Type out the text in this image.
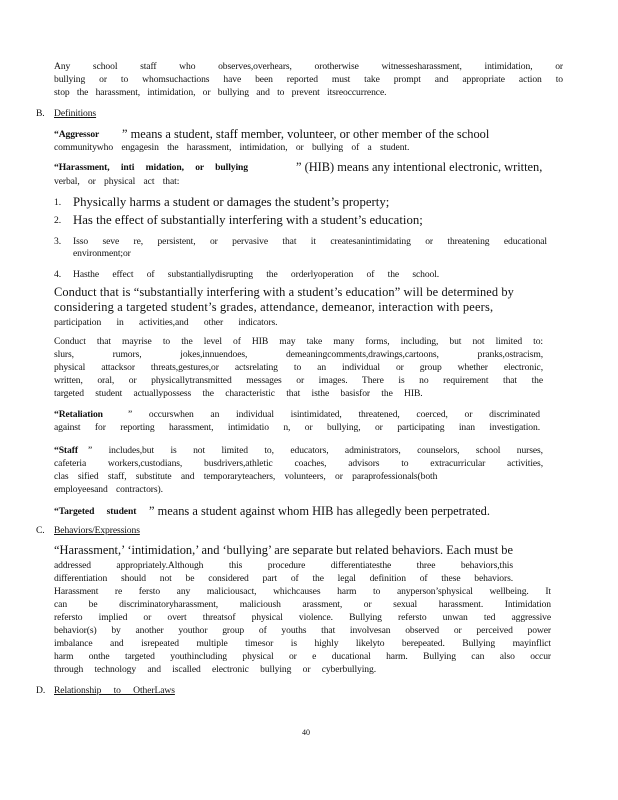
Any school staff who observes,overhears, orotherwise witnessesharassment, intimidation, or
bullying or to whomsuchactions have been reported must take prompt and appropriate action to
stop the harassment, intimidation, or bullying and to prevent itsreoccurrence.
B. Definitions
“Aggressor ” means a student, staff member, volunteer, or other member of the school
communitywho engagesin the harassment, intimidation, or bullying of a student.
“Harassment, inti midation, or bullying	” (HIB) means any intentional electronic, written,
verbal, or physical act that:
1. Physically harms a student or damages the student’s property;
2. Has the effect of substantially interfering with a student’s education;
3. Isso seve re, persistent, or pervasive that it createsanintimidating or threatening educational
environment;or
4. Hasthe effect of substantiallydisrupting the orderlyoperation of the school.
Conduct that is “substantially interfering with a student’s education” will be determined by
considering a targeted student’s grades, attendance, demeanor, interaction with peers,
participation in activities,and other indicators.
Conduct that mayrise to the level of HIB may take many forms, including, but not limited to:
slurs, rumors, jokes,innuendoes, demeaningcomments,drawings,cartoons, pranks,ostracism,
physical attacksor threats,gestures,or actsrelating to an individual or group whether electronic,
written, oral, or physicallytransmitted messages or images. There is no requirement that the
targeted student actuallypossess the characteristic that isthe basisfor the HIB.
“Retaliation	” occurswhen an individual isintimidated, threatened, coerced, or discriminated
against for reporting harassment, intimidatio n, or bullying, or participating inan investigation.
“Staff ” includes,but is not limited to, educators, administrators, counselors, school nurses,
cafeteria workers,custodians, busdrivers,athletic coaches, advisors to extracurricular activities,
clas sified staff, substitute and temporaryteachers, volunteers, or paraprofessionals(both
employeesand contractors).
“Targeted student ” means a student against whom HIB has allegedly been perpetrated.
C. Behaviors/Expressions
“Harassment,’ ‘intimidation,’ and ‘bullying’ are separate but related behaviors. Each must be
addressed appropriately.Although this procedure differentiatesthe three behaviors,this
differentiation should not be considered part of the legal definition of these behaviors.
Harassment re fersto any maliciousact, whichcauses harm to anyperson’sphysical wellbeing. It
can be discriminatoryharassment, malicioush arassment, or sexual harassment. Intimidation
refersto implied or overt threatsof physical violence. Bullying refersto unwan ted aggressive
behavior(s) by another youthor group of youths that involvesan observed or perceived power
imbalance and isrepeated multiple timesor is highly likelyto berepeated. Bullying mayinflict
harm onthe targeted youthincluding physical or e ducational harm. Bullying can also occur
through technology and iscalled electronic bullying or cyberbullying.
D. Relationship to OtherLaws
40
